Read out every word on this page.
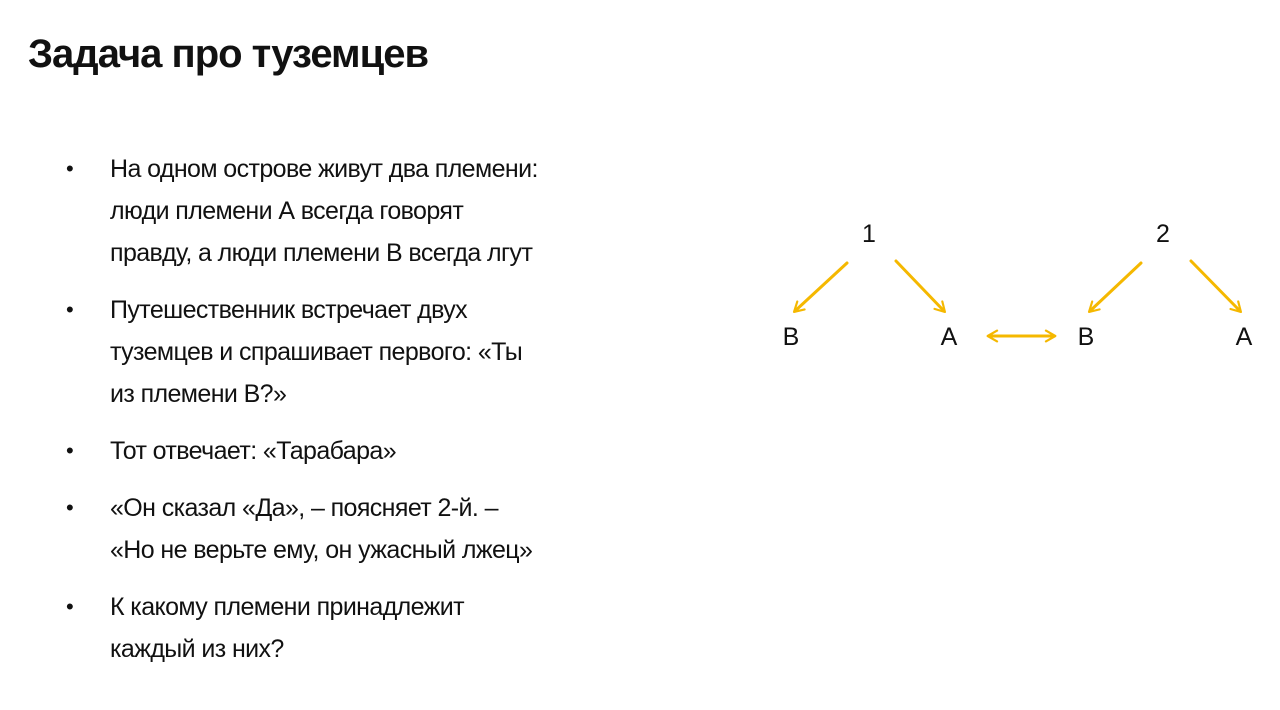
Задача про туземцев
• На одном острове живут два племени:
люди племени А всегда говорят
правду, а люди племени В всегда лгут
• Путешественник встречает двух
туземцев и спрашивает первого: «Ты
из племени В?»
• Тот отвечает: «Тарабара»
• «Он сказал «Да», – поясняет 2-й. –
«Но не верьте ему, он ужасный лжец»
• К какому племени принадлежит
каждый из них?
1	2
В	А	В	А
